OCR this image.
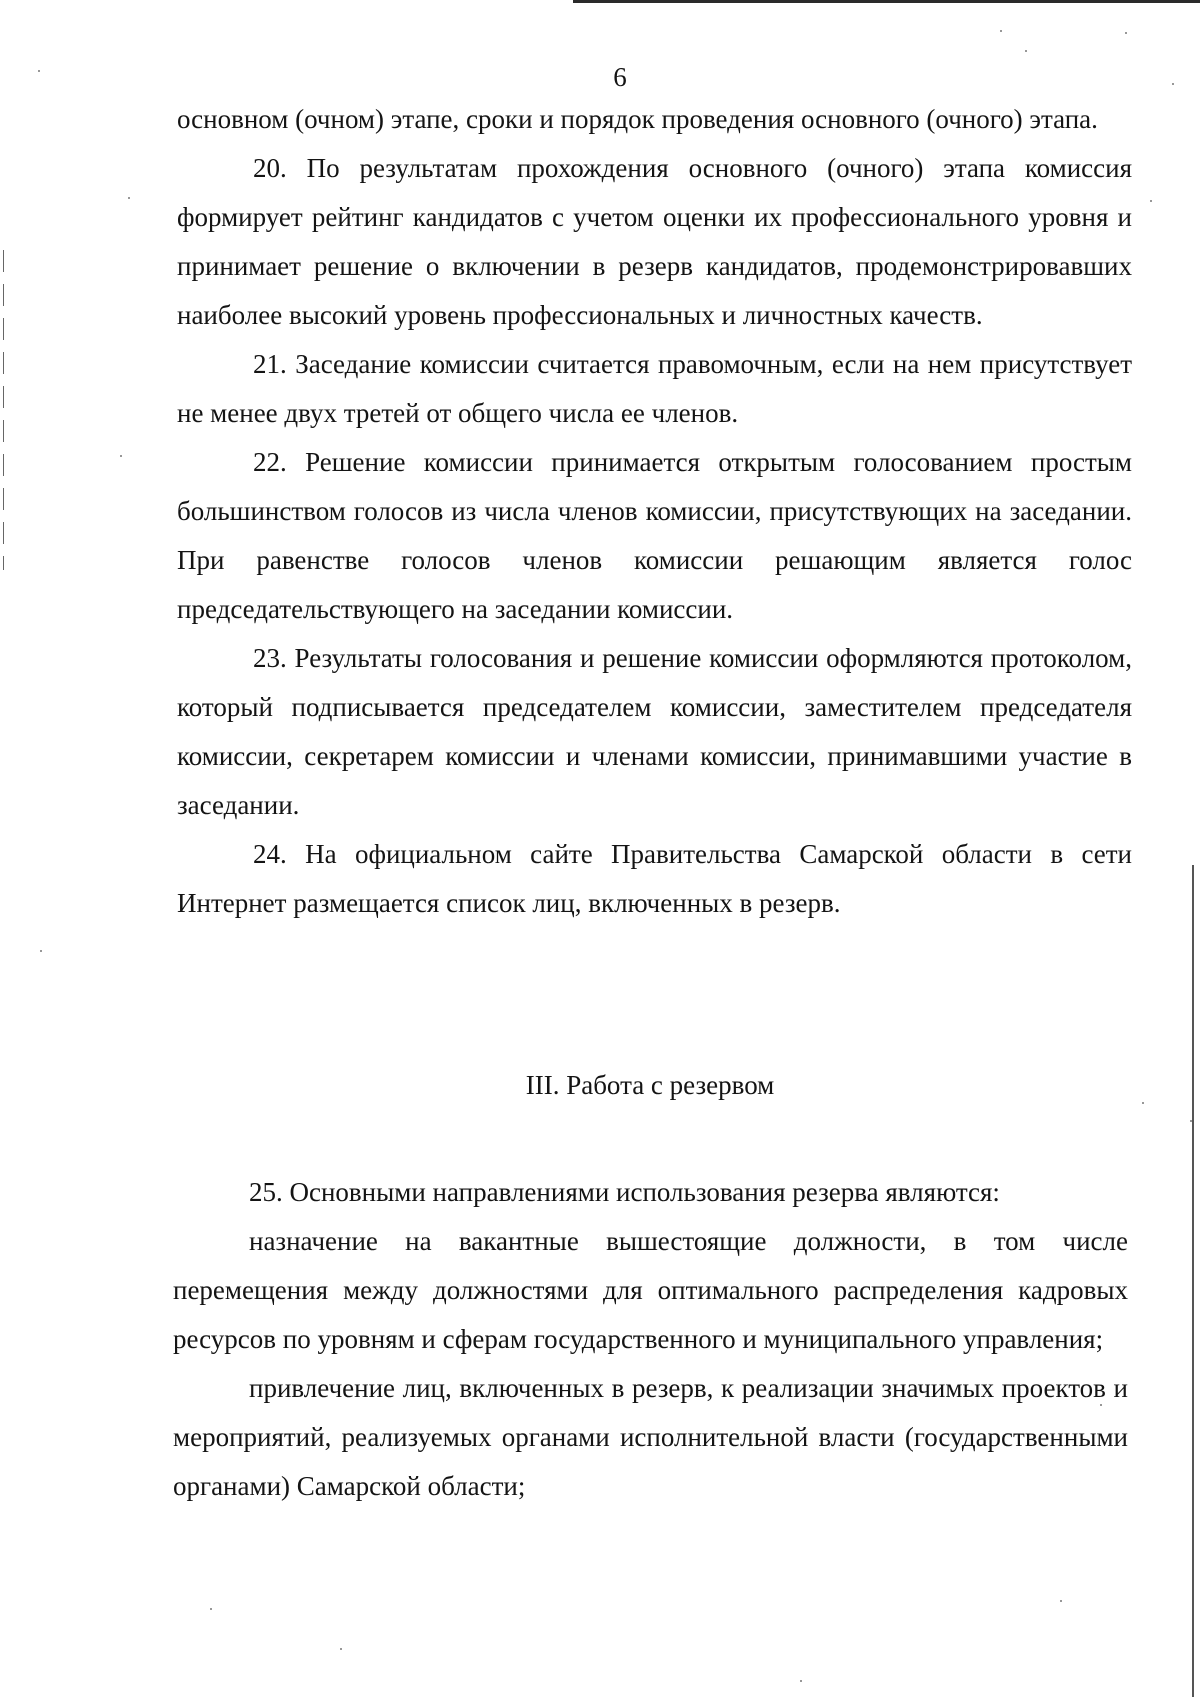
6

основном (очном) этапе, сроки и порядок проведения основного (очного) этапа.

20. По результатам прохождения основного (очного) этапа комиссия формирует рейтинг кандидатов с учетом оценки их профессионального уровня и принимает решение о включении в резерв кандидатов, продемонстрировавших наиболее высокий уровень профессиональных и личностных качеств.

21. Заседание комиссии считается правомочным, если на нем присутствует не менее двух третей от общего числа ее членов.

22. Решение комиссии принимается открытым голосованием простым большинством голосов из числа членов комиссии, присутствующих на заседании. При равенстве голосов членов комиссии решающим является голос председательствующего на заседании комиссии.

23. Результаты голосования и решение комиссии оформляются протоколом, который подписывается председателем комиссии, заместителем председателя комиссии, секретарем комиссии и членами комиссии, принимавшими участие в заседании.

24. На официальном сайте Правительства Самарской области в сети Интернет размещается список лиц, включенных в резерв.

III. Работа с резервом

25. Основными направлениями использования резерва являются:

назначение на вакантные вышестоящие должности, в том числе перемещения между должностями для оптимального распределения кадровых ресурсов по уровням и сферам государственного и муниципального управления;

привлечение лиц, включенных в резерв, к реализации значимых проектов и мероприятий, реализуемых органами исполнительной власти (государственными органами) Самарской области;
